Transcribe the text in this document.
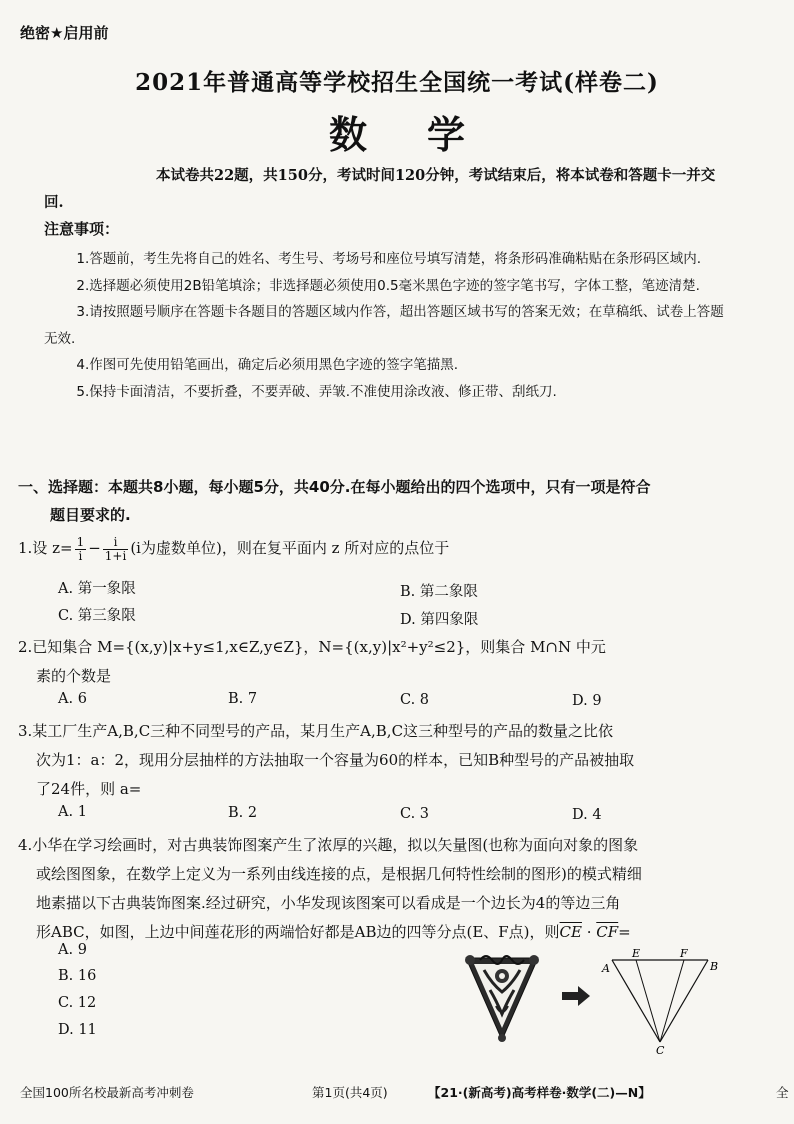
绝密★启用前
2021年普通高等学校招生全国统一考试(样卷二)
数学
本试卷共22题，共150分，考试时间120分钟，考试结束后，将本试卷和答题卡一并交回.
注意事项：

1.答题前，考生先将自己的姓名、考生号、考场号和座位号填写清楚，将条形码准确粘贴在条形码区域内.

2.选择题必须使用2B铅笔填涂；非选择题必须使用0.5毫米黑色字迹的签字笔书写，字体工整，笔迹清楚.

3.请按照题号顺序在答题卡各题目的答题区域内作答，超出答题区域书写的答案无效；在草稿纸、试卷上答题无效.

4.作图可先使用铅笔画出，确定后必须用黑色字迹的签字笔描黑.

5.保持卡面清洁，不要折叠，不要弄破、弄皱.不准使用涂改液、修正带、刮纸刀.

一、选择题：本题共8小题，每小题5分，共40分.在每小题给出的四个选项中，只有一项是符合
题目要求的.
1.设 $z= \frac{1}{i} - \frac{i}{1+i} (i$为虚数单位)，则在复平面内 z 所对应的点位于
A. 第一象限	B. 第二象限
C. 第三象限	D. 第四象限
2.已知集合 M={(x,y)|x+y≤1,x∈Z,y∈Z}，N={(x,y)|x²+y²≤2}，则集合 M∩N 中元
素的个数是
A. 6	B. 7	C. 8	D. 9
3.某工厂生产A,B,C三种不同型号的产品，某月生产A,B,C这三种型号的产品的数量之比依
次为1：a：2，现用分层抽样的方法抽取一个容量为60的样本，已知B种型号的产品被抽取
了24件，则 a=
A. 1	B. 2	C. 3	D. 4
4.小华在学习绘画时，对古典装饰图案产生了浓厚的兴趣，拟以矢量图(也称为面向对象的图象
或绘图图象，在数学上定义为一系列由线连接的点，是根据几何特性绘制的图形)的模式精细
地素描以下古典装饰图案.经过研究，小华发现该图案可以看成是一个边长为4的等边三角
形ABC，如图，上边中间莲花形的两端恰好都是AB边的四等分点(E、F点)，则$\overline{CE} \cdot \overline{CF}=$
A. 9
B. 16
C. 12
D. 11
A
E	F
B
C
全国100所名校最新高考冲刺卷	第1页(共4页)	【21·(新高考)高考样卷·数学(二)—N】	全
